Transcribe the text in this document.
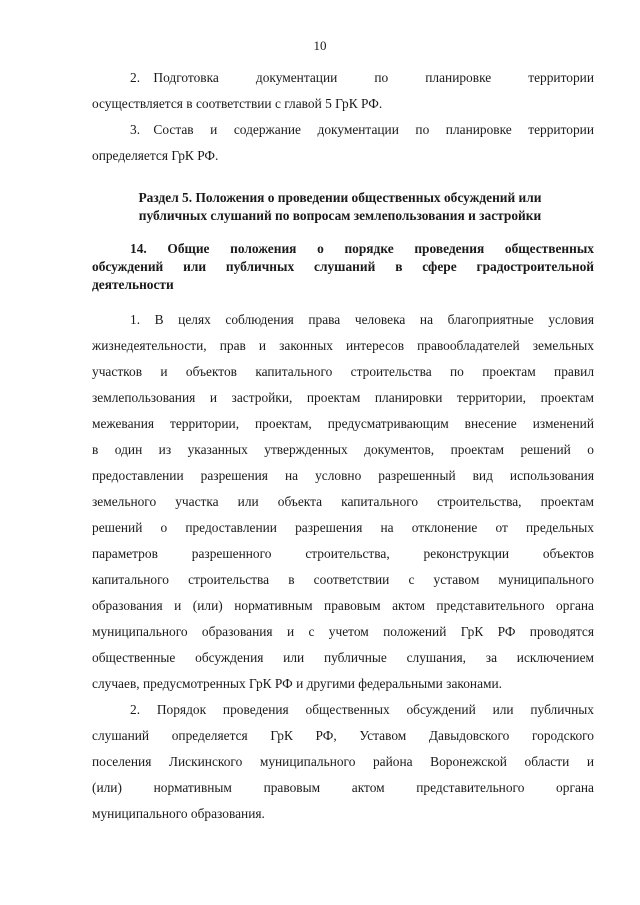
10
2. Подготовка документации по планировке территории
осуществляется в соответствии с главой 5 ГрК РФ.
3. Состав и содержание документации по планировке территории
определяется ГрК РФ.
Раздел 5. Положения о проведении общественных обсуждений или
публичных слушаний по вопросам землепользования и застройки
14. Общие положения о порядке проведения общественных
обсуждений или публичных слушаний в сфере градостроительной
деятельности
1. В целях соблюдения права человека на благоприятные условия
жизнедеятельности, прав и законных интересов правообладателей земельных
участков и объектов капитального строительства по проектам правил
землепользования и застройки, проектам планировки территории, проектам
межевания территории, проектам, предусматривающим внесение изменений
в один из указанных утвержденных документов, проектам решений о
предоставлении разрешения на условно разрешенный вид использования
земельного участка или объекта капитального строительства, проектам
решений о предоставлении разрешения на отклонение от предельных
параметров разрешенного строительства, реконструкции объектов
капитального строительства в соответствии с уставом муниципального
образования и (или) нормативным правовым актом представительного органа
муниципального образования и с учетом положений ГрК РФ проводятся
общественные обсуждения или публичные слушания, за исключением
случаев, предусмотренных ГрК РФ и другими федеральными законами.
2. Порядок проведения общественных обсуждений или публичных
слушаний определяется ГрК РФ, Уставом Давыдовского городского
поселения Лискинского муниципального района Воронежской области и
(или) нормативным правовым актом представительного органа
муниципального образования.
